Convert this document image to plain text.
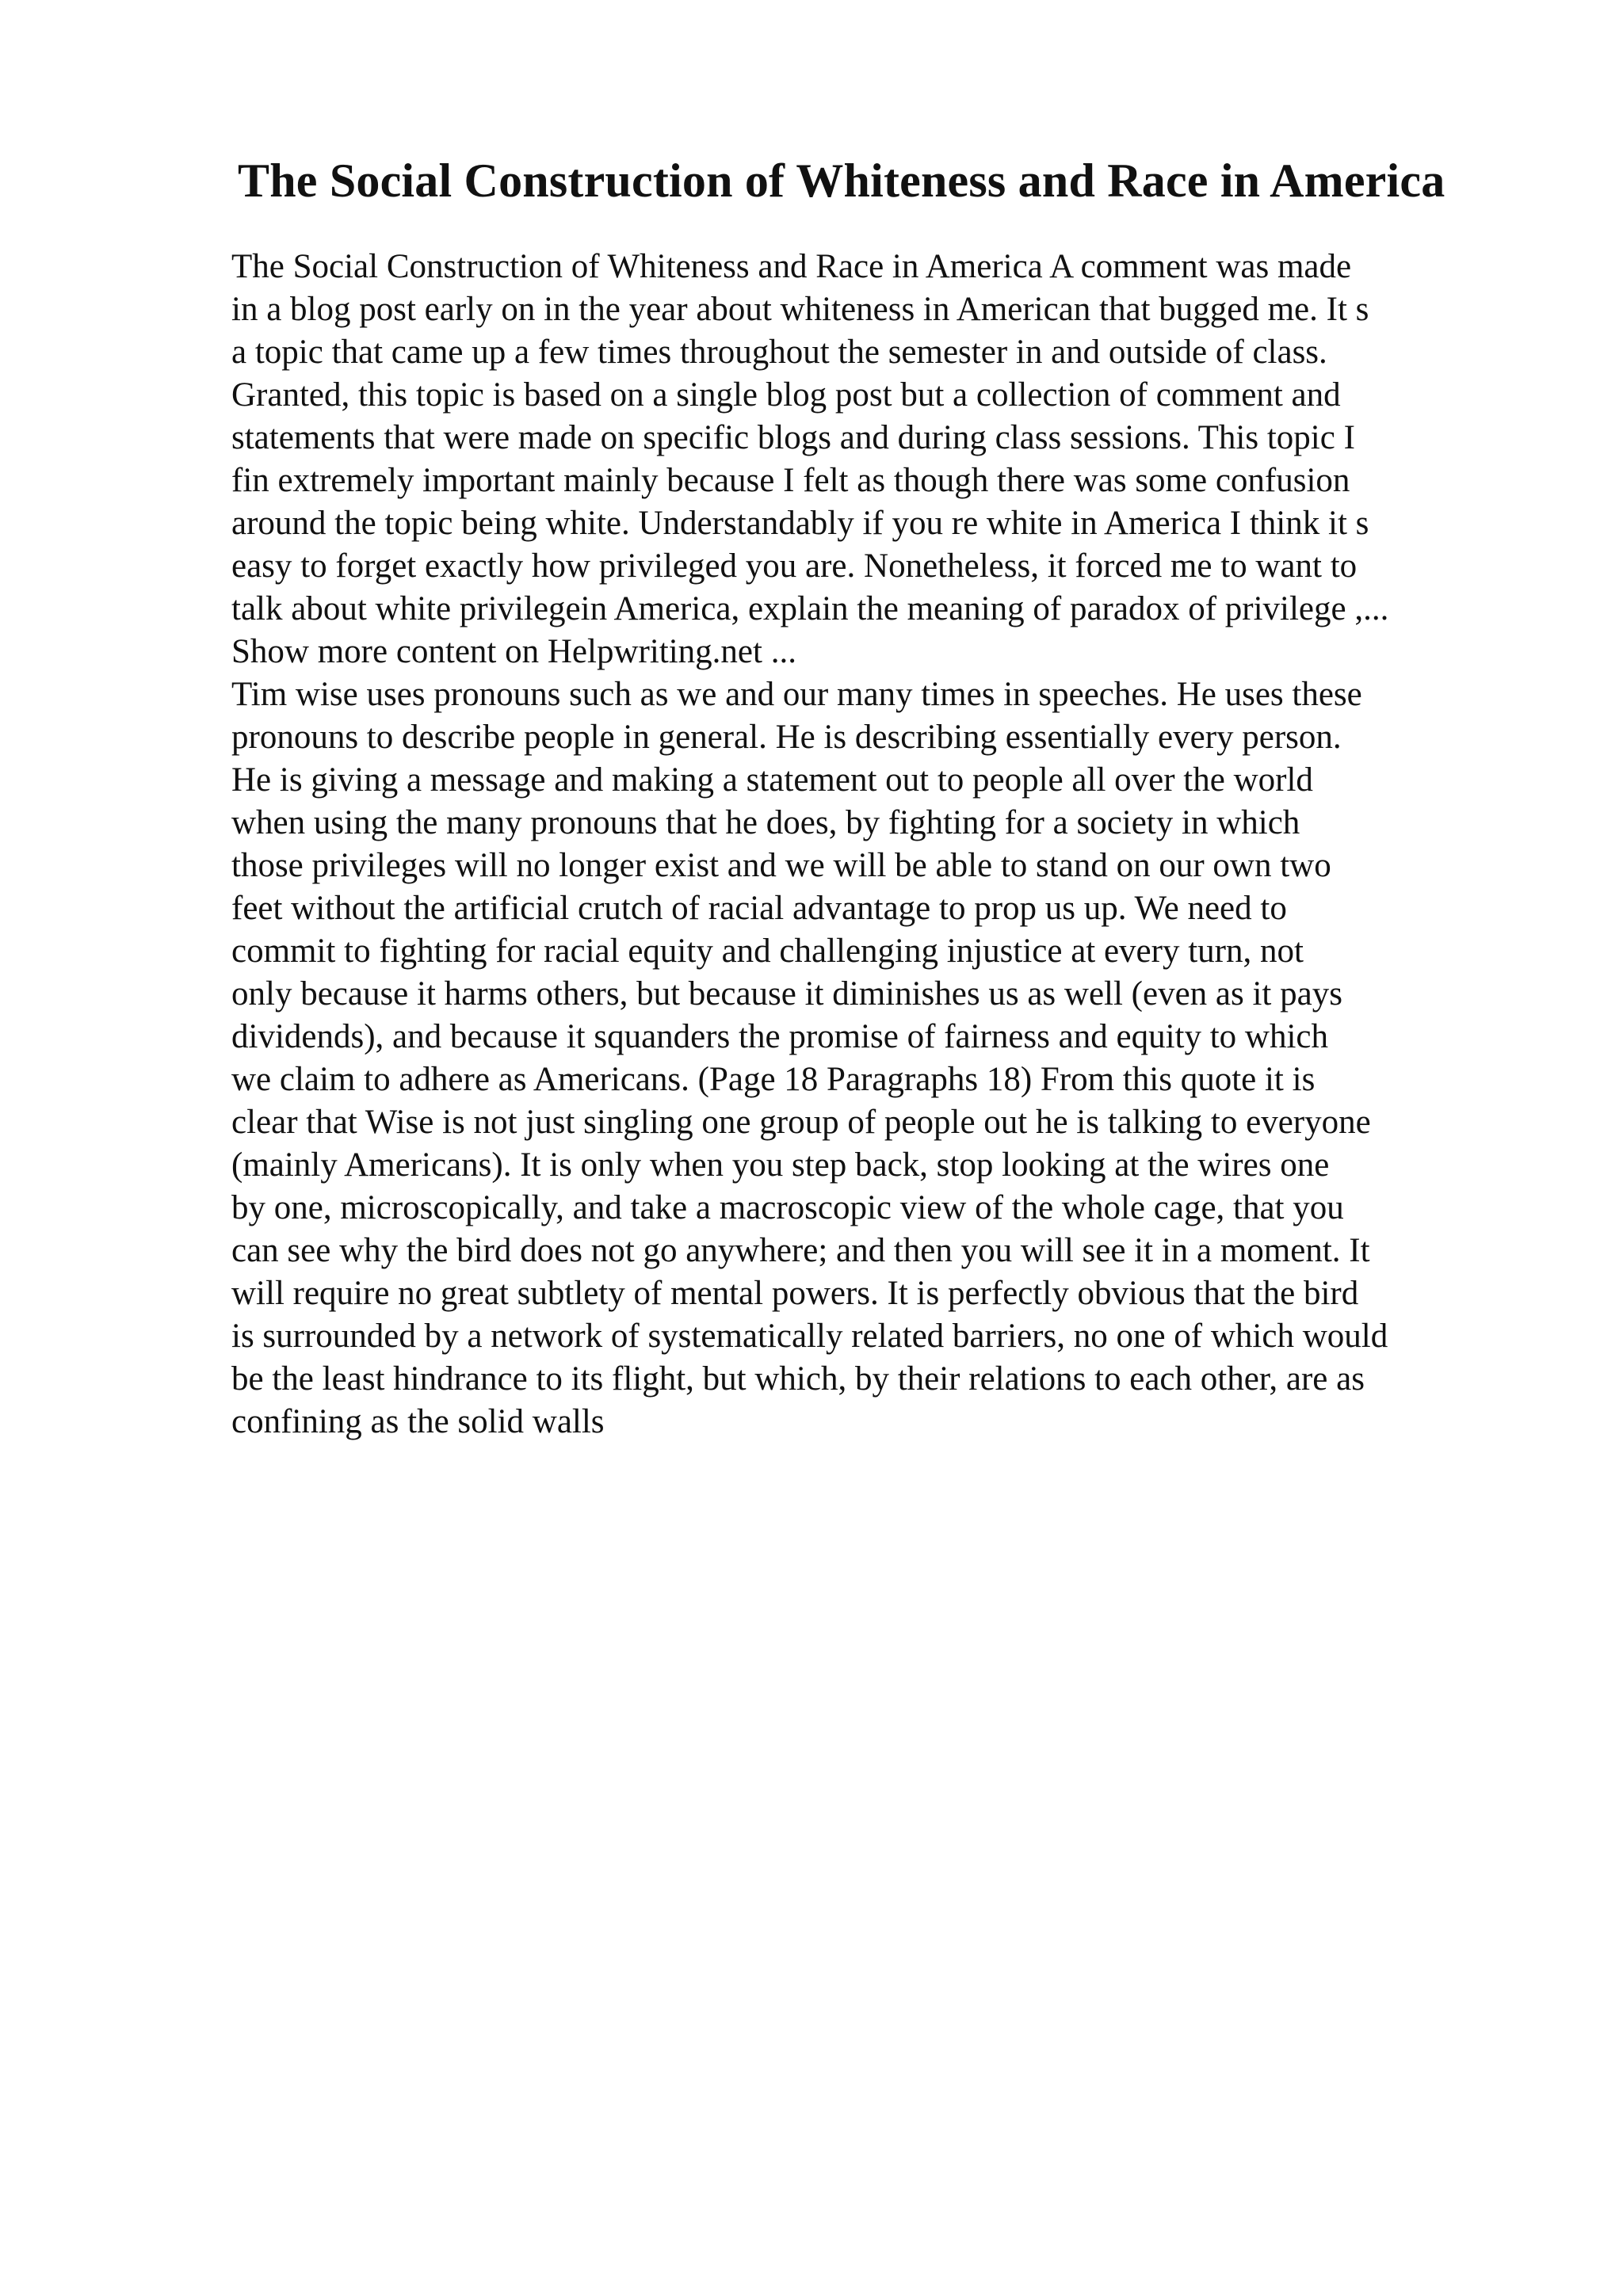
The Social Construction of Whiteness and Race in America
The Social Construction of Whiteness and Race in America A comment was made
in a blog post early on in the year about whiteness in American that bugged me. It s
a topic that came up a few times throughout the semester in and outside of class.
Granted, this topic is based on a single blog post but a collection of comment and
statements that were made on specific blogs and during class sessions. This topic I
fin extremely important mainly because I felt as though there was some confusion
around the topic being white. Understandably if you re white in America I think it s
easy to forget exactly how privileged you are. Nonetheless, it forced me to want to
talk about white privilegein America, explain the meaning of paradox of privilege ,...
Show more content on Helpwriting.net ...
Tim wise uses pronouns such as we and our many times in speeches. He uses these
pronouns to describe people in general. He is describing essentially every person.
He is giving a message and making a statement out to people all over the world
when using the many pronouns that he does, by fighting for a society in which
those privileges will no longer exist and we will be able to stand on our own two
feet without the artificial crutch of racial advantage to prop us up. We need to
commit to fighting for racial equity and challenging injustice at every turn, not
only because it harms others, but because it diminishes us as well (even as it pays
dividends), and because it squanders the promise of fairness and equity to which
we claim to adhere as Americans. (Page 18 Paragraphs 18) From this quote it is
clear that Wise is not just singling one group of people out he is talking to everyone
(mainly Americans). It is only when you step back, stop looking at the wires one
by one, microscopically, and take a macroscopic view of the whole cage, that you
can see why the bird does not go anywhere; and then you will see it in a moment. It
will require no great subtlety of mental powers. It is perfectly obvious that the bird
is surrounded by a network of systematically related barriers, no one of which would
be the least hindrance to its flight, but which, by their relations to each other, are as
confining as the solid walls
